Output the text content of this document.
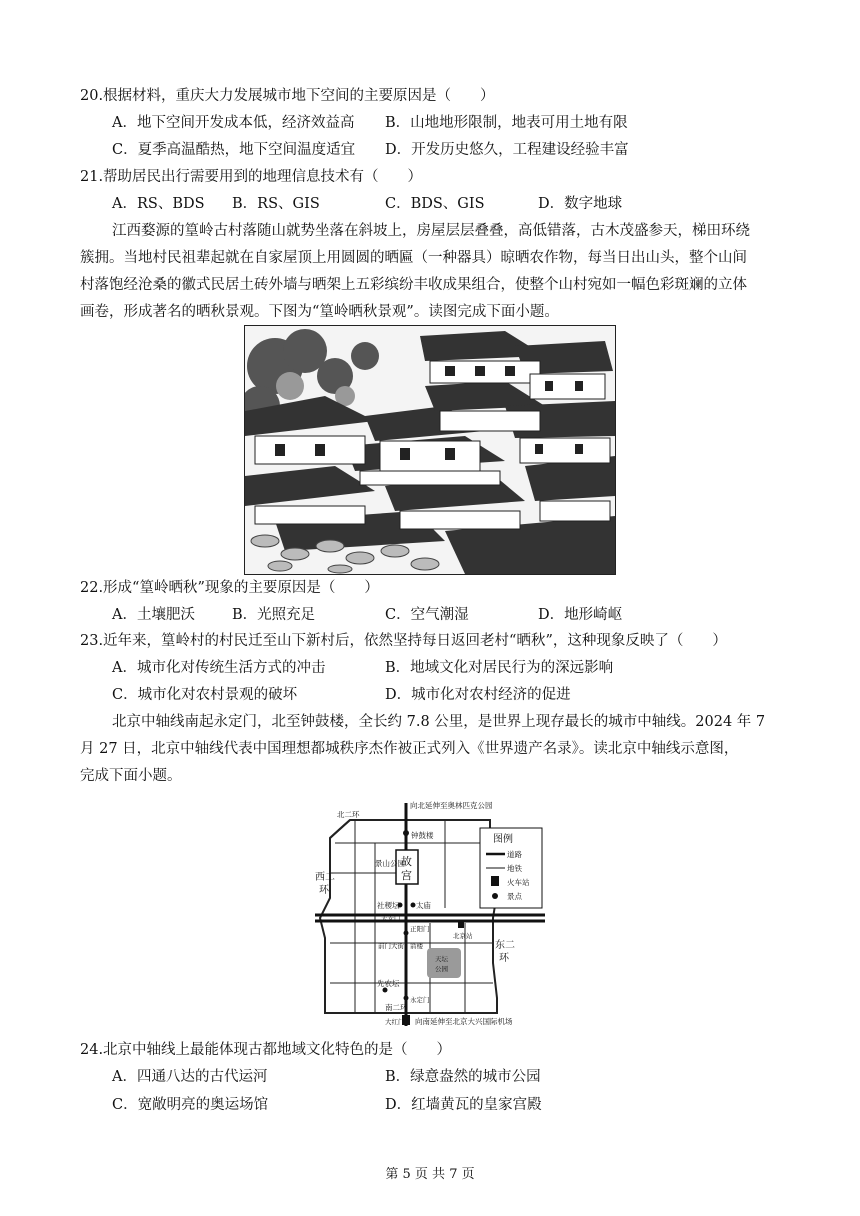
20.根据材料，重庆大力发展城市地下空间的主要原因是（　　）
A．地下空间开发成本低，经济效益高 B．山地地形限制，地表可用土地有限
C．夏季高温酷热，地下空间温度适宜 D．开发历史悠久，工程建设经验丰富
21.帮助居民出行需要用到的地理信息技术有（　　）
A．RS、BDS B．RS、GIS	C．BDS、GIS	D．数字地球
江西婺源的篁岭古村落随山就势坐落在斜坡上，房屋层层叠叠，高低错落，古木茂盛参天，梯田环绕
簇拥。当地村民祖辈起就在自家屋顶上用圆圆的晒匾（一种器具）晾晒农作物，每当日出山头，整个山间
村落饱经沧桑的徽式民居土砖外墙与晒架上五彩缤纷丰收成果组合，使整个山村宛如一幅色彩斑斓的立体
画卷，形成著名的晒秋景观。下图为“篁岭晒秋景观”。读图完成下面小题。
22.形成“篁岭晒秋”现象的主要原因是（　　）
A．土壤肥沃	B．光照充足	C．空气潮湿	D．地形崎岖
23.近年来，篁岭村的村民迁至山下新村后，依然坚持每日返回老村“晒秋”，这种现象反映了（　　）
A．城市化对传统生活方式的冲击	B．地域文化对居民行为的深远影响
C．城市化对农村景观的破坏	D．城市化对农村经济的促进
北京中轴线南起永定门，北至钟鼓楼，全长约 7.8 公里，是世界上现存最长的城市中轴线。2024 年 7
月 27 日，北京中轴线代表中国理想都城秩序杰作被正式列入《世界遗产名录》。读北京中轴线示意图，
完成下面小题。
向北延伸至奥林匹克公园
北二环
钟鼓楼
景山公园
社稷坛 太庙
天安门
正阳门
北京站
前门大街 箭楼
天坛
公园
先农坛
永定门
南二环
大红门 向南延伸至北京大兴国际机场
道路
地铁
火车站
景点
西二
环
东二
环
图例
故
宫
24.北京中轴线上最能体现古都地域文化特色的是（　　）
A．四通八达的古代运河	B．绿意盎然的城市公园
C．宽敞明亮的奥运场馆	D．红墙黄瓦的皇家宫殿
第 5 页 共 7 页
